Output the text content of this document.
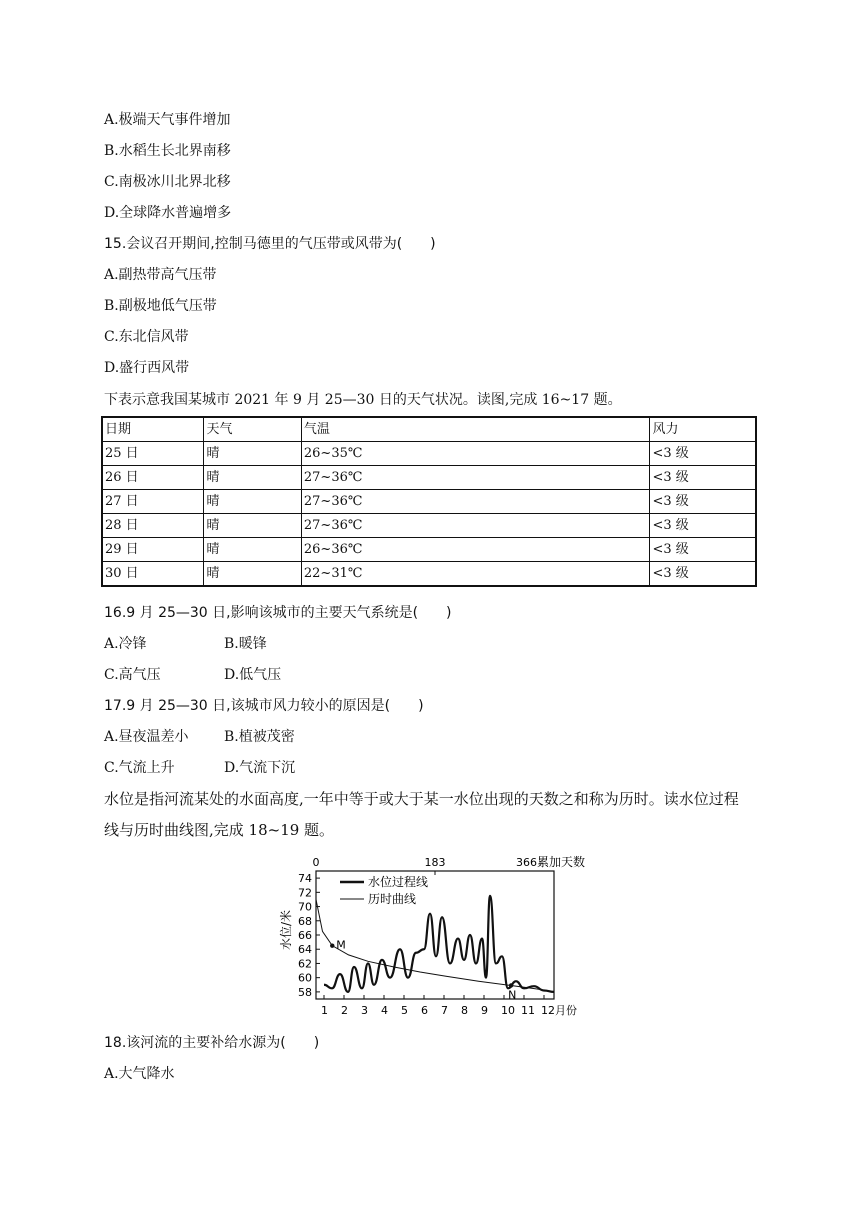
A.极端天气事件增加
B.水稻生长北界南移
C.南极冰川北界北移
D.全球降水普遍增多
15.会议召开期间,控制马德里的气压带或风带为(　　)
A.副热带高气压带
B.副极地低气压带
C.东北信风带
D.盛行西风带
下表示意我国某城市 2021 年 9 月 25—30 日的天气状况。读图,完成 16~17 题。
日期	天气	气温	风力
25 日	晴	26~35℃	<3 级
26 日	晴	27~36℃	<3 级
27 日	晴	27~36℃	<3 级
28 日	晴	27~36℃	<3 级
29 日	晴	26~36℃	<3 级
30 日	晴	22~31℃	<3 级
16.9 月 25—30 日,影响该城市的主要天气系统是(　　)
A.冷锋	B.暖锋
C.高气压	D.低气压
17.9 月 25—30 日,该城市风力较小的原因是(　　)
A.昼夜温差小	B.植被茂密
C.气流上升	D.气流下沉
水位是指河流某处的水面高度,一年中等于或大于某一水位出现的天数之和称为历时。读水位过程
线与历时曲线图,完成 18~19 题。
水位/米
累加天数
水位过程线
历时曲线
58
60
62
64
66
68
70
72
74
1 2 3 4 5 6 7 8 9 10 11 12月份
0	183	366
M
N
18.该河流的主要补给水源为(　　)
A.大气降水
